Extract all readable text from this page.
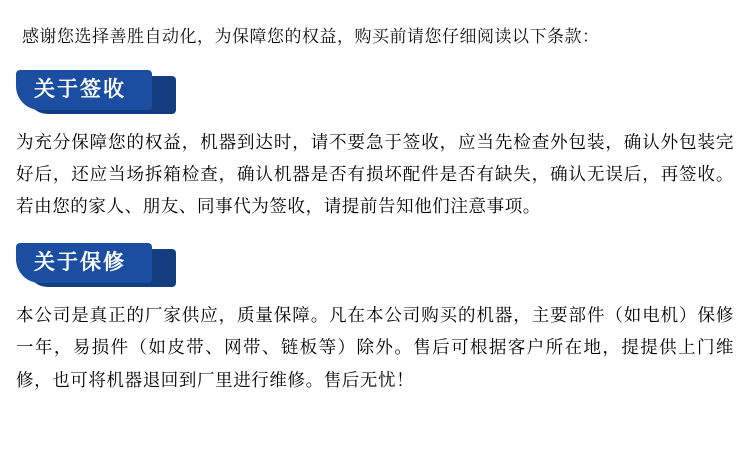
感谢您选择善胜自动化，为保障您的权益，购买前请您仔细阅读以下条款：
关于签收
为充分保障您的权益，机器到达时，请不要急于签收，应当先检查外包装，确认外包装完好后，还应当场拆箱检查，确认机器是否有损坏配件是否有缺失，确认无误后，再签收。若由您的家人、朋友、同事代为签收，请提前告知他们注意事项。
关于保修
本公司是真正的厂家供应，质量保障。凡在本公司购买的机器，主要部件（如电机）保修一年，易损件（如皮带、网带、链板等）除外。售后可根据客户所在地，提提供上门维修，也可将机器退回到厂里进行维修。售后无忧！
